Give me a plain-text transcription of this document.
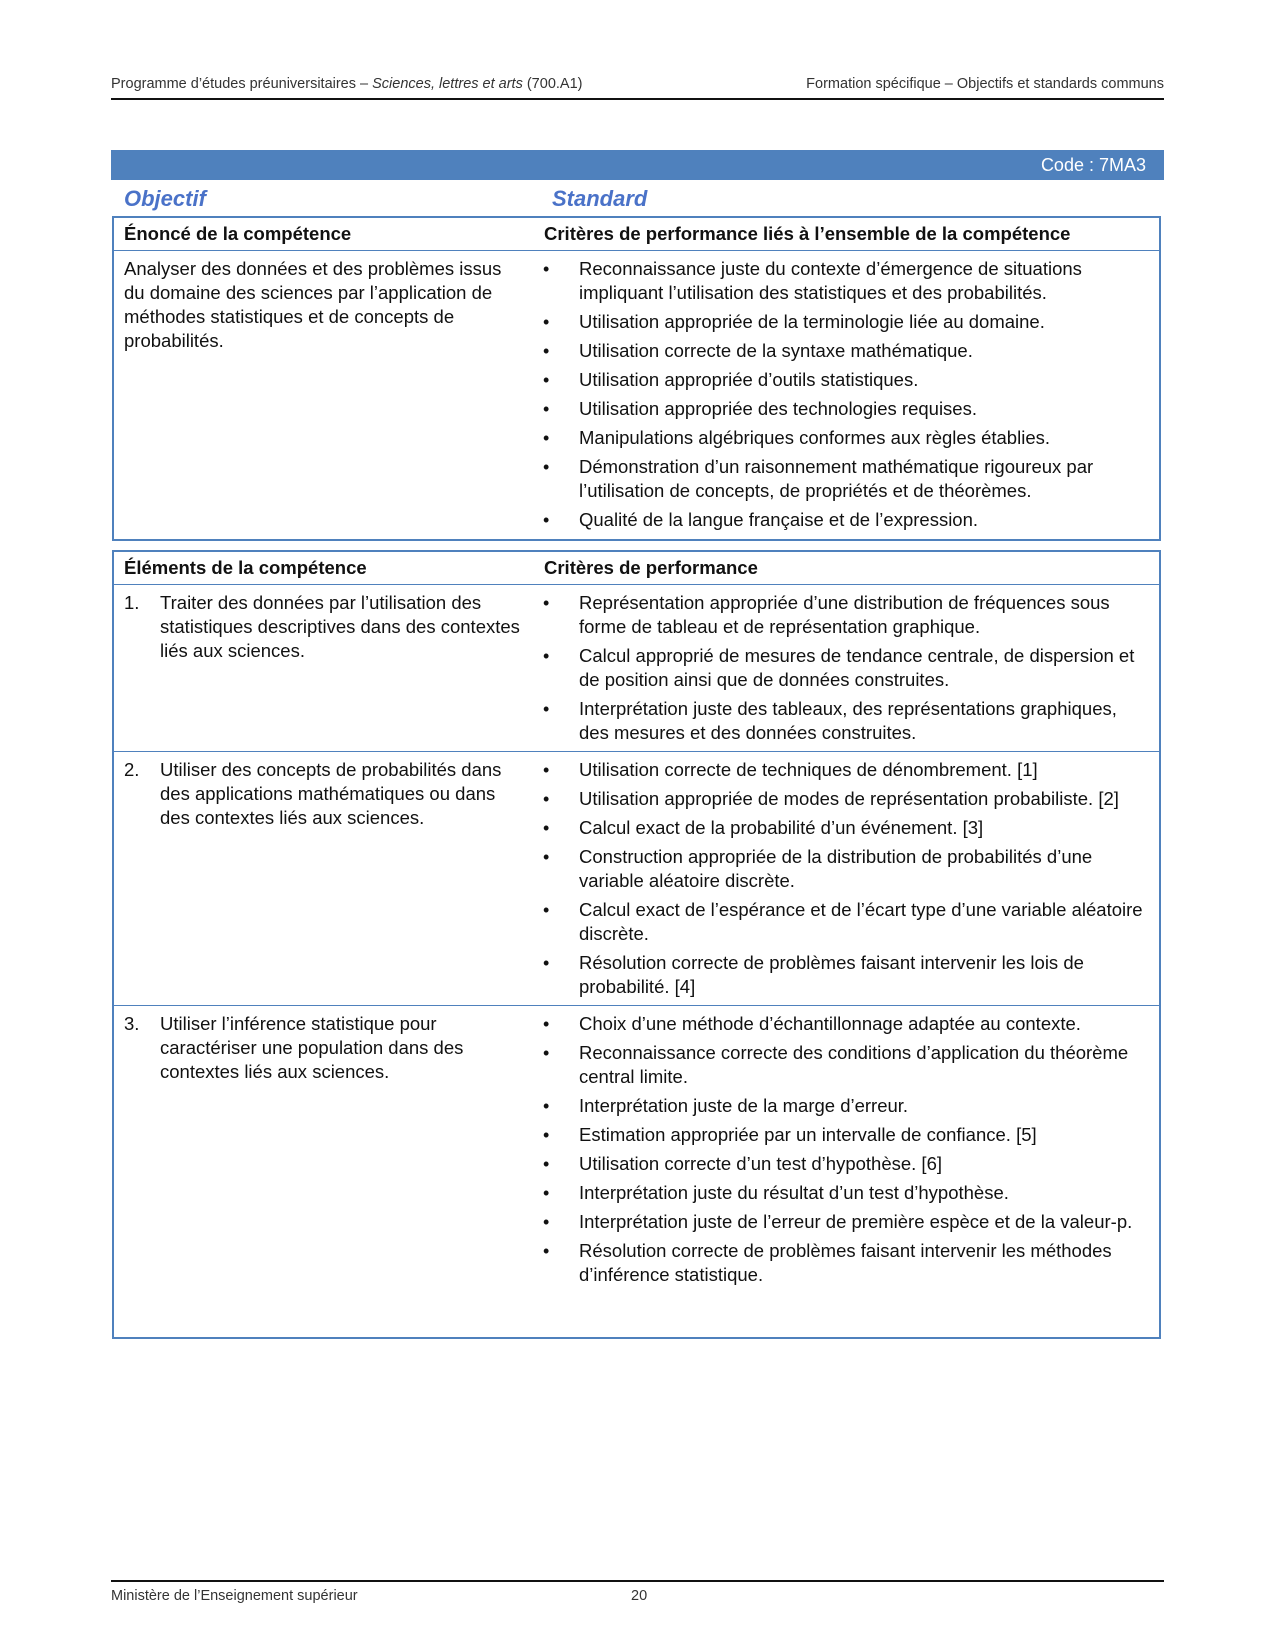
Programme d’études préuniversitaires – Sciences, lettres et arts (700.A1)	Formation spécifique – Objectifs et standards communs
Code : 7MA3
Objectif	Standard
Énoncé de la compétence	Critères de performance liés à l’ensemble de la compétence
Analyser des données et des problèmes issus du domaine des sciences par l’application de méthodes statistiques et de concepts de probabilités.
• Reconnaissance juste du contexte d’émergence de situations impliquant l’utilisation des statistiques et des probabilités.
• Utilisation appropriée de la terminologie liée au domaine.
• Utilisation correcte de la syntaxe mathématique.
• Utilisation appropriée d’outils statistiques.
• Utilisation appropriée des technologies requises.
• Manipulations algébriques conformes aux règles établies.
• Démonstration d’un raisonnement mathématique rigoureux par l’utilisation de concepts, de propriétés et de théorèmes.
• Qualité de la langue française et de l’expression.
Éléments de la compétence	Critères de performance
1.	Traiter des données par l’utilisation des statistiques descriptives dans des contextes liés aux sciences.
• Représentation appropriée d’une distribution de fréquences sous forme de tableau et de représentation graphique.
• Calcul approprié de mesures de tendance centrale, de dispersion et de position ainsi que de données construites.
• Interprétation juste des tableaux, des représentations graphiques, des mesures et des données construites.
2.	Utiliser des concepts de probabilités dans des applications mathématiques ou dans des contextes liés aux sciences.
• Utilisation correcte de techniques de dénombrement. [1]
• Utilisation appropriée de modes de représentation probabiliste. [2]
• Calcul exact de la probabilité d’un événement. [3]
• Construction appropriée de la distribution de probabilités d’une variable aléatoire discrète.
• Calcul exact de l’espérance et de l’écart type d’une variable aléatoire discrète.
• Résolution correcte de problèmes faisant intervenir les lois de probabilité. [4]
3.	Utiliser l’inférence statistique pour caractériser une population dans des contextes liés aux sciences.
• Choix d’une méthode d’échantillonnage adaptée au contexte.
• Reconnaissance correcte des conditions d’application du théorème central limite.
• Interprétation juste de la marge d’erreur.
• Estimation appropriée par un intervalle de confiance. [5]
• Utilisation correcte d’un test d’hypothèse. [6]
• Interprétation juste du résultat d’un test d’hypothèse.
• Interprétation juste de l’erreur de première espèce et de la valeur-p.
• Résolution correcte de problèmes faisant intervenir les méthodes d’inférence statistique.
Ministère de l’Enseignement supérieur	20
